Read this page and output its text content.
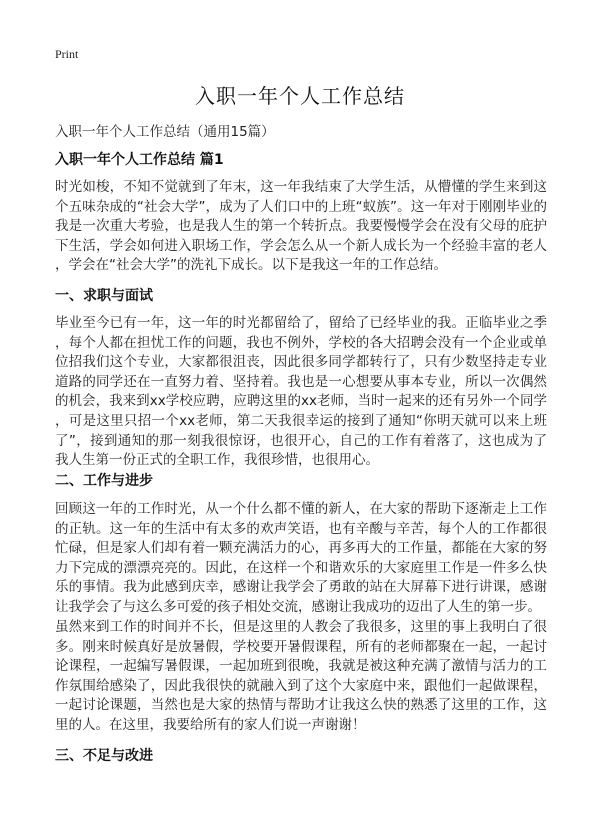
Print
入职一年个人工作总结

入职一年个人工作总结（通用15篇）

入职一年个人工作总结 篇1
时光如梭，不知不觉就到了年末，这一年我结束了大学生活，从懵懂的学生来到这
个五味杂成的“社会大学”，成为了人们口中的上班“蚁族”。这一年对于刚刚毕业的
我是一次重大考验，也是我人生的第一个转折点。我要慢慢学会在没有父母的庇护
下生活，学会如何进入职场工作，学会怎么从一个新人成长为一个经验丰富的老人
，学会在“社会大学”的洗礼下成长。以下是我这一年的工作总结。
一、求职与面试
毕业至今已有一年，这一年的时光都留给了，留给了已经毕业的我。正临毕业之季
，每个人都在担忧工作的问题，我也不例外，学校的各大招聘会没有一个企业或单
位招我们这个专业，大家都很沮丧，因此很多同学都转行了，只有少数坚持走专业
道路的同学还在一直努力着、坚持着。我也是一心想要从事本专业，所以一次偶然
的机会，我来到xx学校应聘，应聘这里的xx老师，当时一起来的还有另外一个同学
，可是这里只招一个xx老师，第二天我很幸运的接到了通知“你明天就可以来上班
了”，接到通知的那一刻我很惊讶，也很开心，自己的工作有着落了，这也成为了
我人生第一份正式的全职工作，我很珍惜，也很用心。
二、工作与进步
回顾这一年的工作时光，从一个什么都不懂的新人，在大家的帮助下逐渐走上工作
的正轨。这一年的生活中有太多的欢声笑语，也有辛酸与辛苦，每个人的工作都很
忙碌，但是家人们却有着一颗充满活力的心，再多再大的工作量，都能在大家的努
力下完成的漂漂亮亮的。因此，在这样一个和谐欢乐的大家庭里工作是一件多么快
乐的事情。我为此感到庆幸，感谢让我学会了勇敢的站在大屏幕下进行讲课，感谢
让我学会了与这么多可爱的孩子相处交流，感谢让我成功的迈出了人生的第一步。
虽然来到工作的时间并不长，但是这里的人教会了我很多，这里的事上我明白了很
多。刚来时候真好是放暑假，学校要开暑假课程，所有的老师都聚在一起，一起讨
论课程，一起编写暑假课，一起加班到很晚，我就是被这种充满了激情与活力的工
作氛围给感染了，因此我很快的就融入到了这个大家庭中来，跟他们一起做课程，
一起讨论课题，当然也是大家的热情与帮助才让我这么快的熟悉了这里的工作，这
里的人。在这里，我要给所有的家人们说一声谢谢！
三、不足与改进
